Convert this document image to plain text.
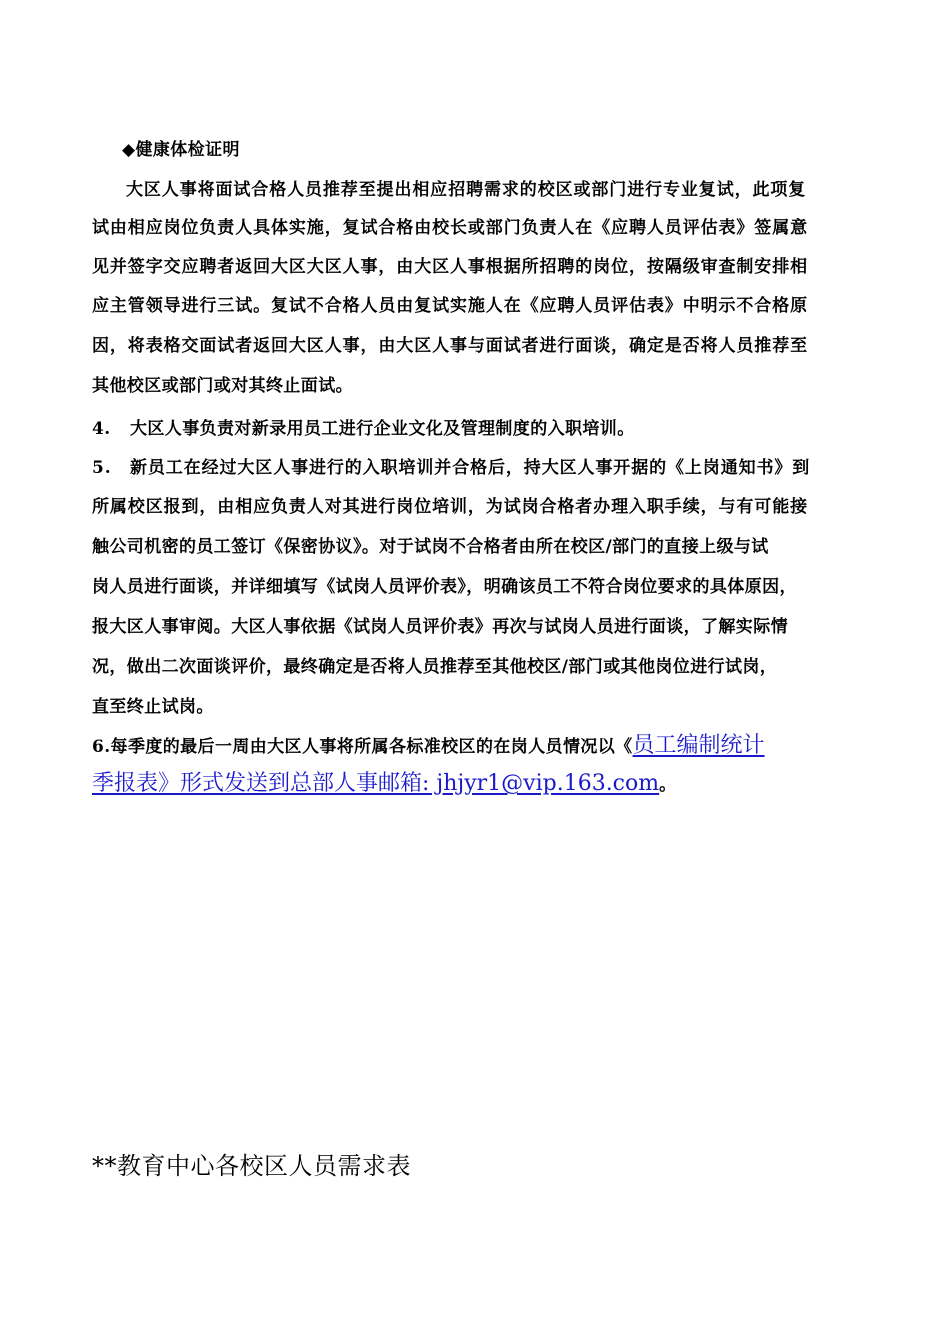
◆健康体检证明
大区人事将面试合格人员推荐至提出相应招聘需求的校区或部门进行专业复试，此项复
试由相应岗位负责人具体实施，复试合格由校长或部门负责人在《应聘人员评估表》签属意
见并签字交应聘者返回大区大区人事，由大区人事根据所招聘的岗位，按隔级审查制安排相
应主管领导进行三试。复试不合格人员由复试实施人在《应聘人员评估表》中明示不合格原
因，将表格交面试者返回大区人事，由大区人事与面试者进行面谈，确定是否将人员推荐至
其他校区或部门或对其终止面试。
4. 大区人事负责对新录用员工进行企业文化及管理制度的入职培训。
5. 新员工在经过大区人事进行的入职培训并合格后，持大区人事开据的《上岗通知书》到
所属校区报到，由相应负责人对其进行岗位培训，为试岗合格者办理入职手续，与有可能接
触公司机密的员工签订《保密协议》。对于试岗不合格者由所在校区/部门的直接上级与试
岗人员进行面谈，并详细填写《试岗人员评价表》，明确该员工不符合岗位要求的具体原因，
报大区人事审阅。大区人事依据《试岗人员评价表》再次与试岗人员进行面谈，了解实际情
况，做出二次面谈评价，最终确定是否将人员推荐至其他校区/部门或其他岗位进行试岗，
直至终止试岗。
6.每季度的最后一周由大区人事将所属各标准校区的在岗人员情况以《员工编制统计
季报表》形式发送到总部人事邮箱: jhjyr1@vip.163.com。
**教育中心各校区人员需求表
